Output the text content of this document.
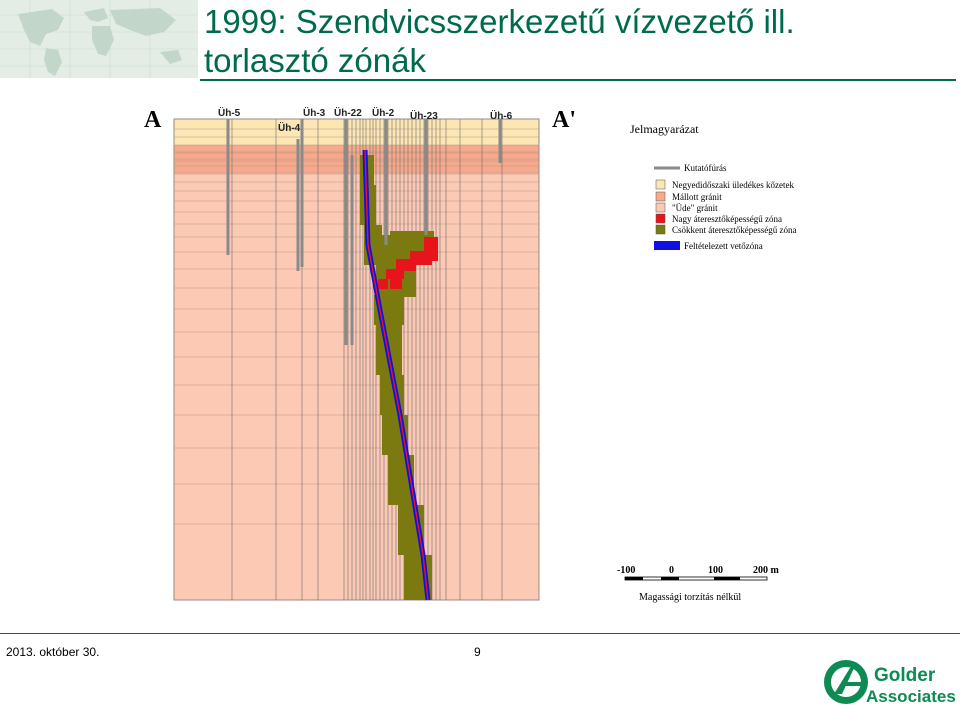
1999: Szendvicsszerkezetű vízvezető ill.
torlasztó zónák
A	A'
Üh-5
Üh-4
Üh-3 Üh-22 Üh-2 Üh-23	Üh-6
Jelmagyarázat
Kutatófúrás
Negyedidőszaki üledékes kőzetek
Mállott gránit
"Üde" gránit
Nagy áteresztőképességű zóna
Csökkent áteresztőképességű zóna
Feltételezett vetőzóna
-100	0	100	200 m
Magassági torzítás nélkül
2013. október 30.	9
Golder
Associates
